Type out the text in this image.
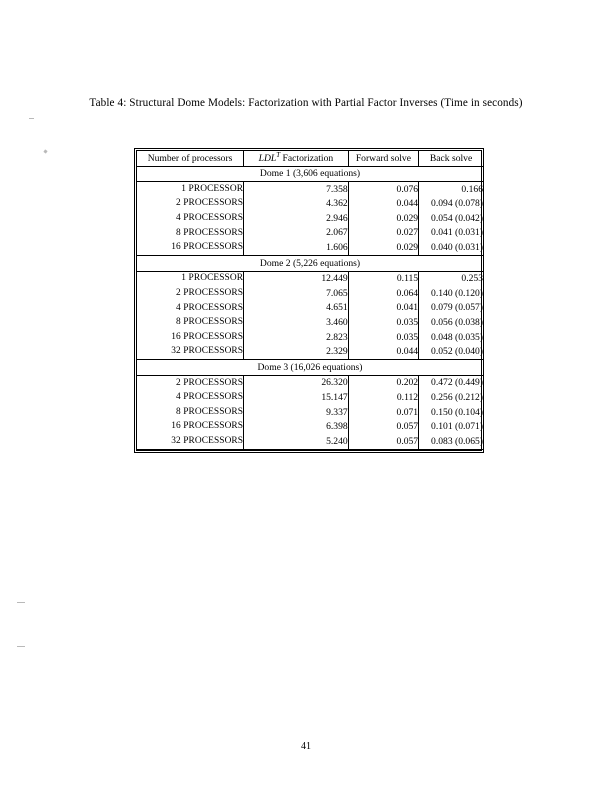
Table 4: Structural Dome Models: Factorization with Partial Factor Inverses (Time in seconds)
Number of processors	$LDL^T$ Factorization	Forward solve	Back solve
Dome 1 (3,606 equations)			
1 PROCESSOR	7.358	0.076	0.166
2 PROCESSORS	4.362	0.044	0.094 (0.078)
4 PROCESSORS	2.946	0.029	0.054 (0.042)
8 PROCESSORS	2.067	0.027	0.041 (0.031)
16 PROCESSORS	1.606	0.029	0.040 (0.031)
Dome 2 (5,226 equations)			
1 PROCESSOR	12.449	0.115	0.253
2 PROCESSORS	7.065	0.064	0.140 (0.120)
4 PROCESSORS	4.651	0.041	0.079 (0.057)
8 PROCESSORS	3.460	0.035	0.056 (0.038)
16 PROCESSORS	2.823	0.035	0.048 (0.035)
32 PROCESSORS	2.329	0.044	0.052 (0.040)
Dome 3 (16,026 equations)			
2 PROCESSORS	26.320	0.202	0.472 (0.449)
4 PROCESSORS	15.147	0.112	0.256 (0.212)
8 PROCESSORS	9.337	0.071	0.150 (0.104)
16 PROCESSORS	6.398	0.057	0.101 (0.071)
32 PROCESSORS	5.240	0.057	0.083 (0.065)
41
